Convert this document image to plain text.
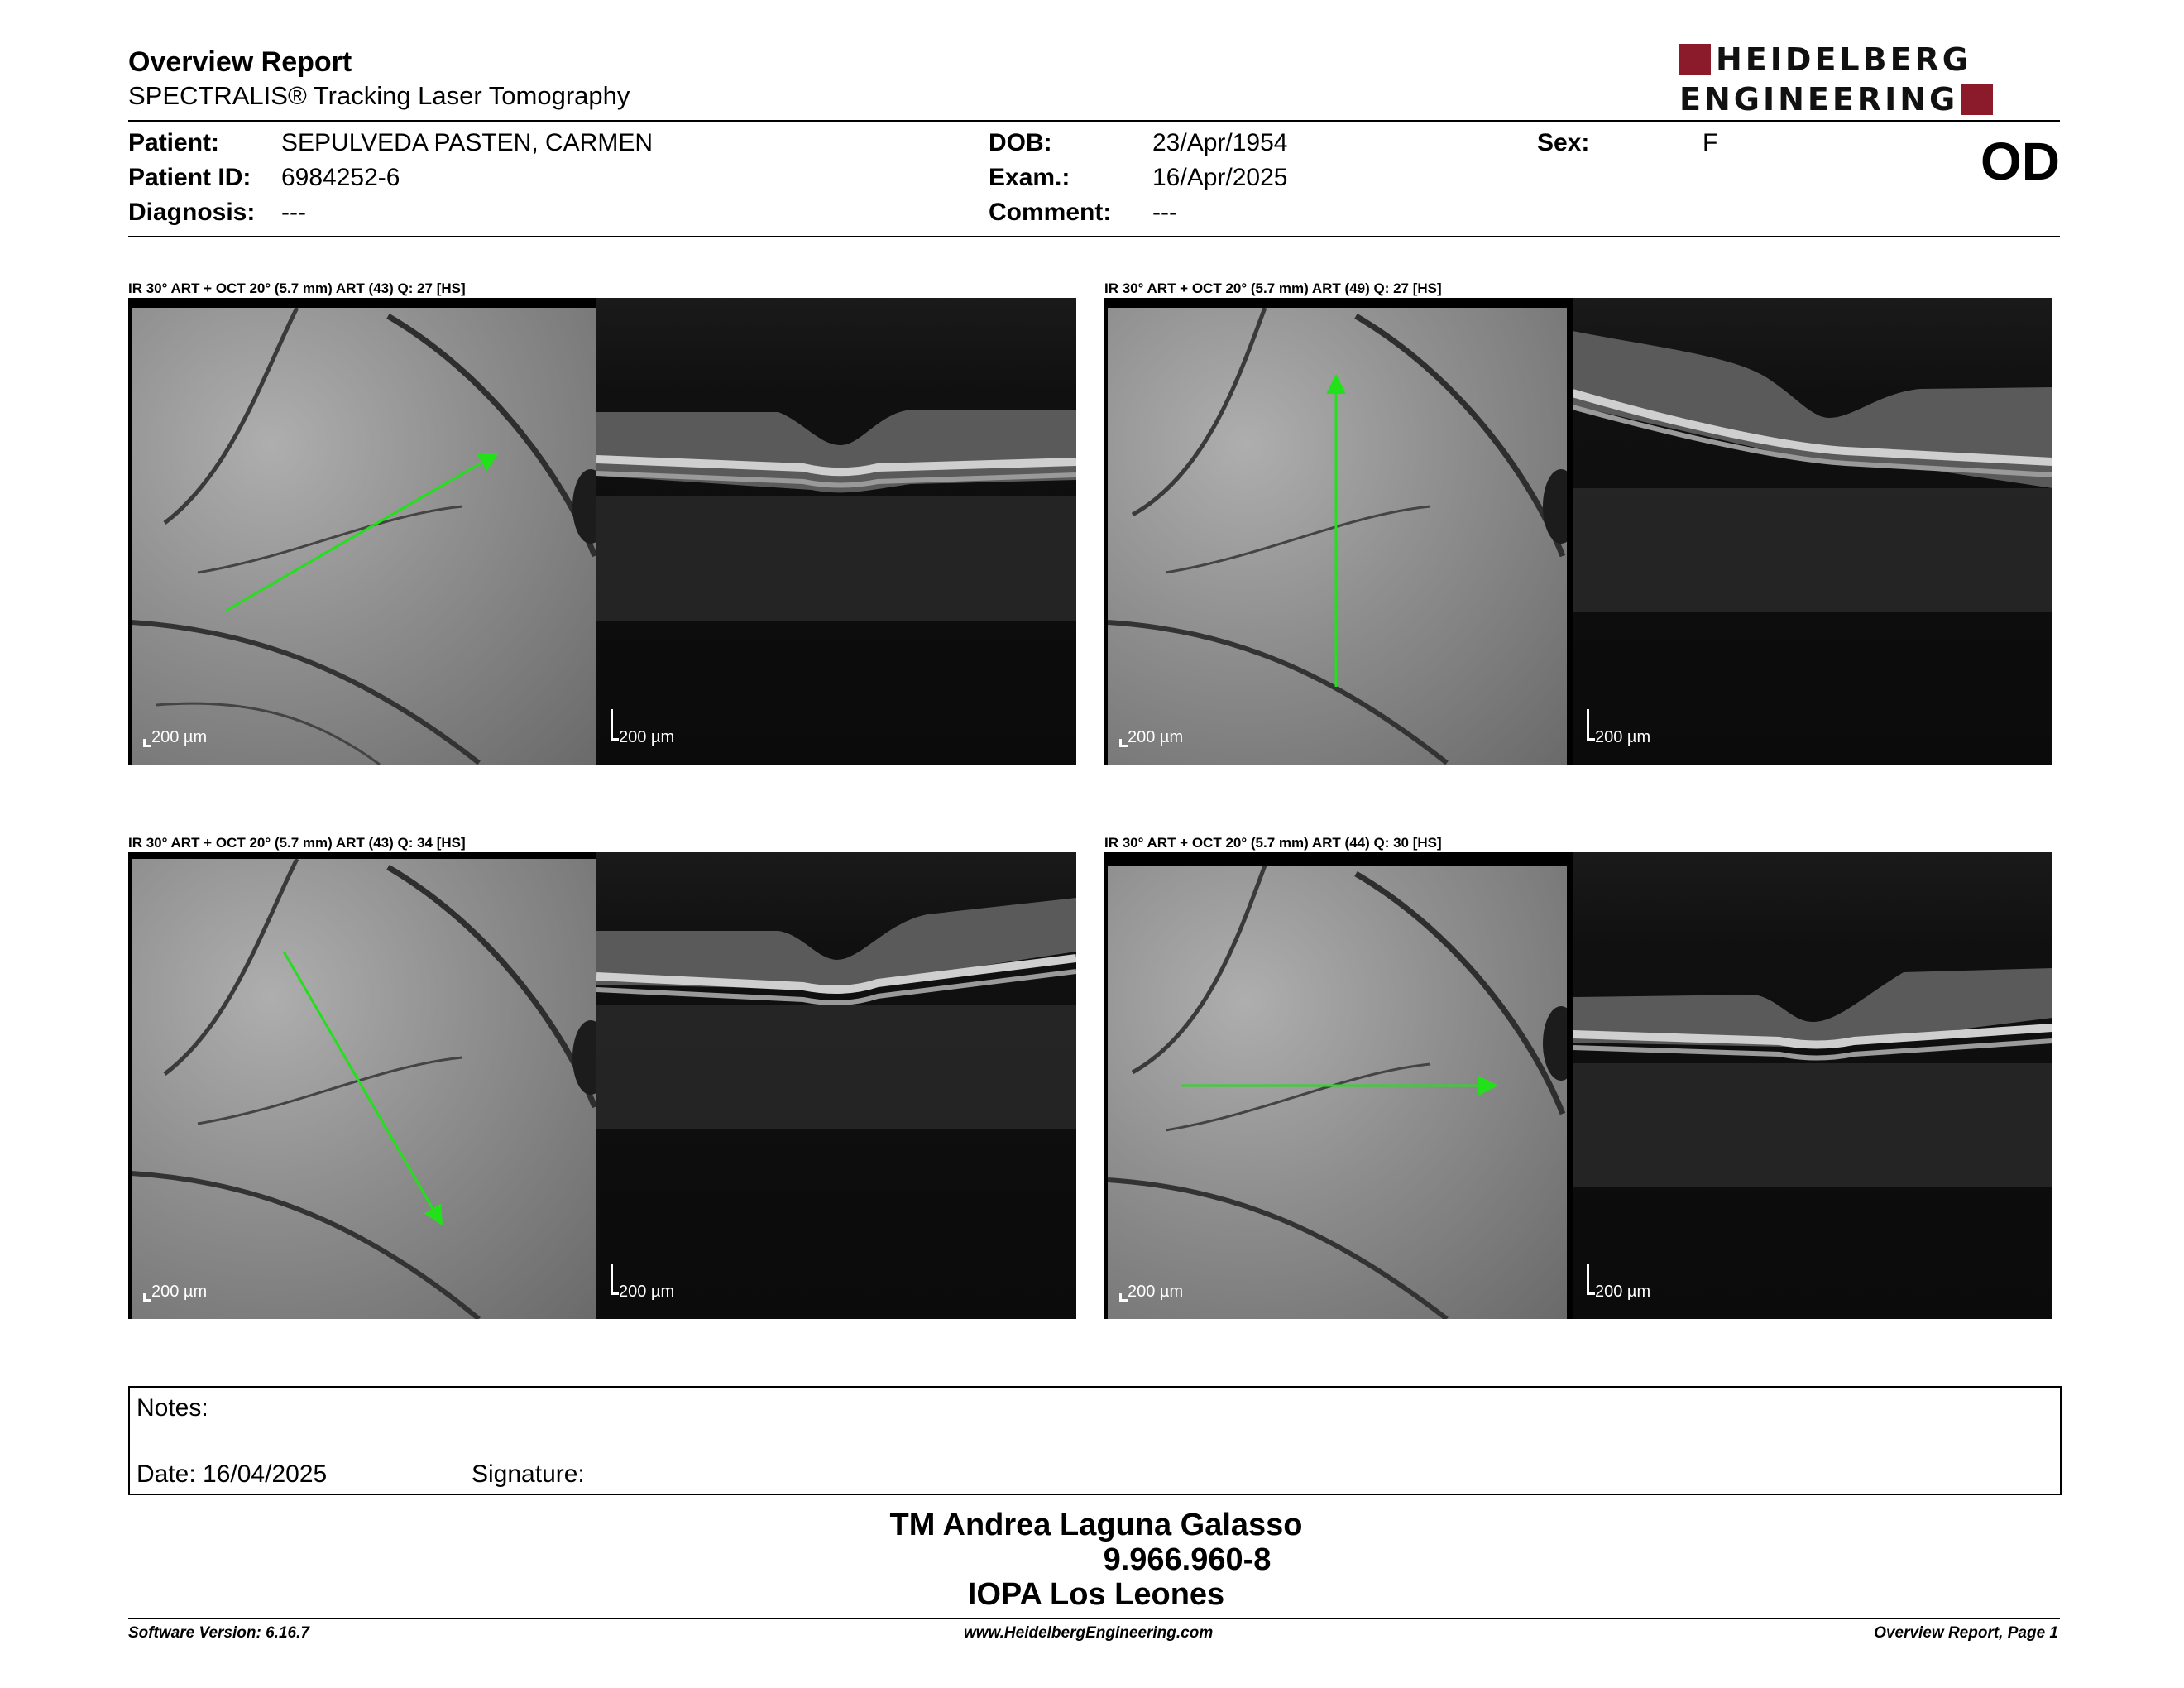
Overview Report
SPECTRALIS® Tracking Laser Tomography
HEIDELBERG
ENGINEERING
Patient: SEPULVEDA PASTEN, CARMEN
Patient ID: 6984252-6
Diagnosis: ---
DOB:	23/Apr/1954
Exam.:	16/Apr/2025
Comment: ---
Sex:	F	OD
IR 30° ART + OCT 20° (5.7 mm) ART (43) Q: 27 [HS]
200 µm	200 µm
IR 30° ART + OCT 20° (5.7 mm) ART (49) Q: 27 [HS]
200 µm	200 µm
IR 30° ART + OCT 20° (5.7 mm) ART (43) Q: 34 [HS]
200 µm	200 µm
IR 30° ART + OCT 20° (5.7 mm) ART (44) Q: 30 [HS]
200 µm	200 µm
Notes:
Date: 16/04/2025	Signature:
TM Andrea Laguna Galasso
9.966.960-8
IOPA Los Leones
Software Version: 6.16.7	www.HeidelbergEngineering.com	Overview Report, Page 1
